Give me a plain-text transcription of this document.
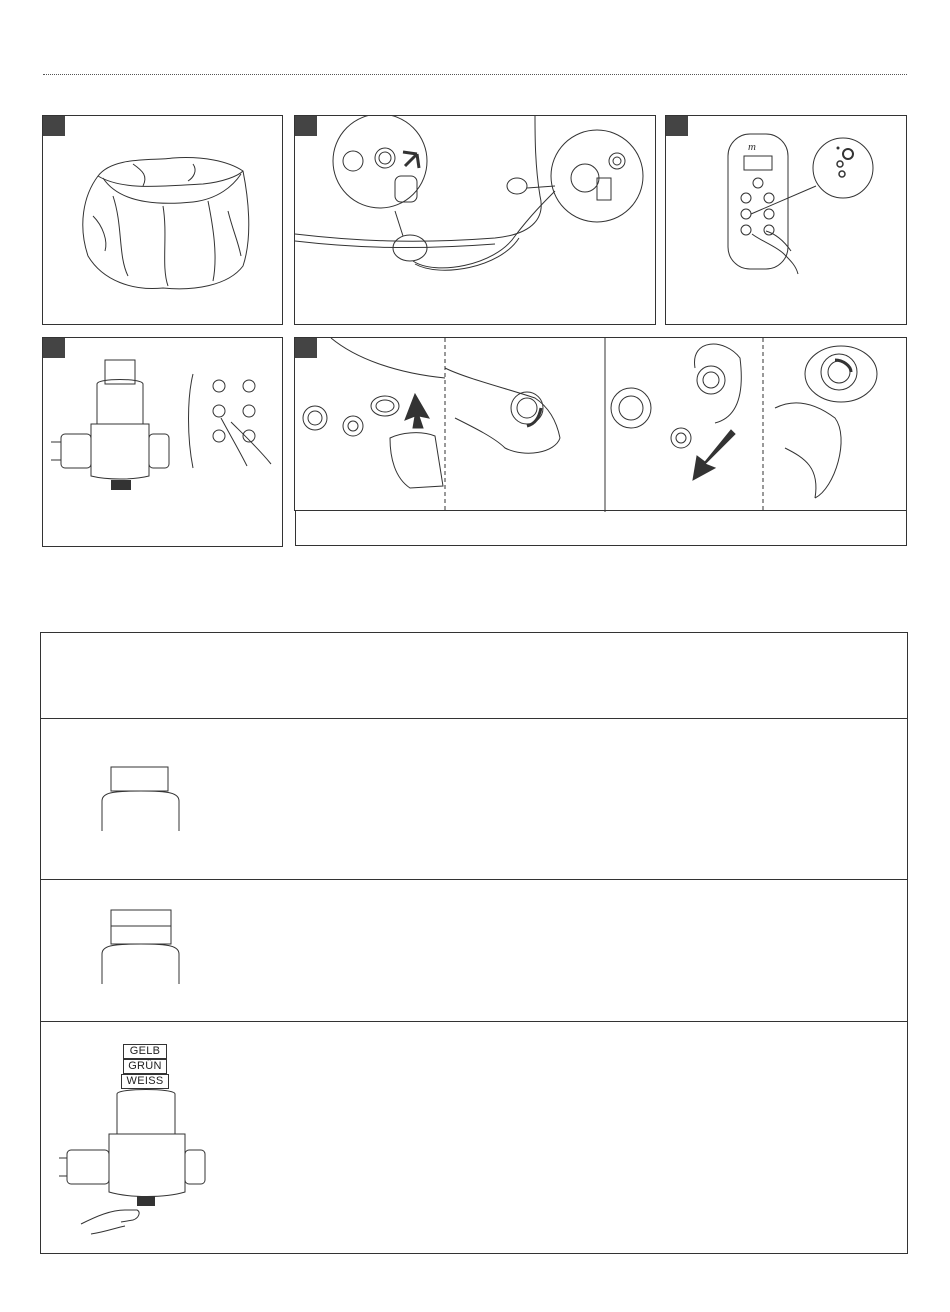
m
GELB
GRÜN
WEISS
